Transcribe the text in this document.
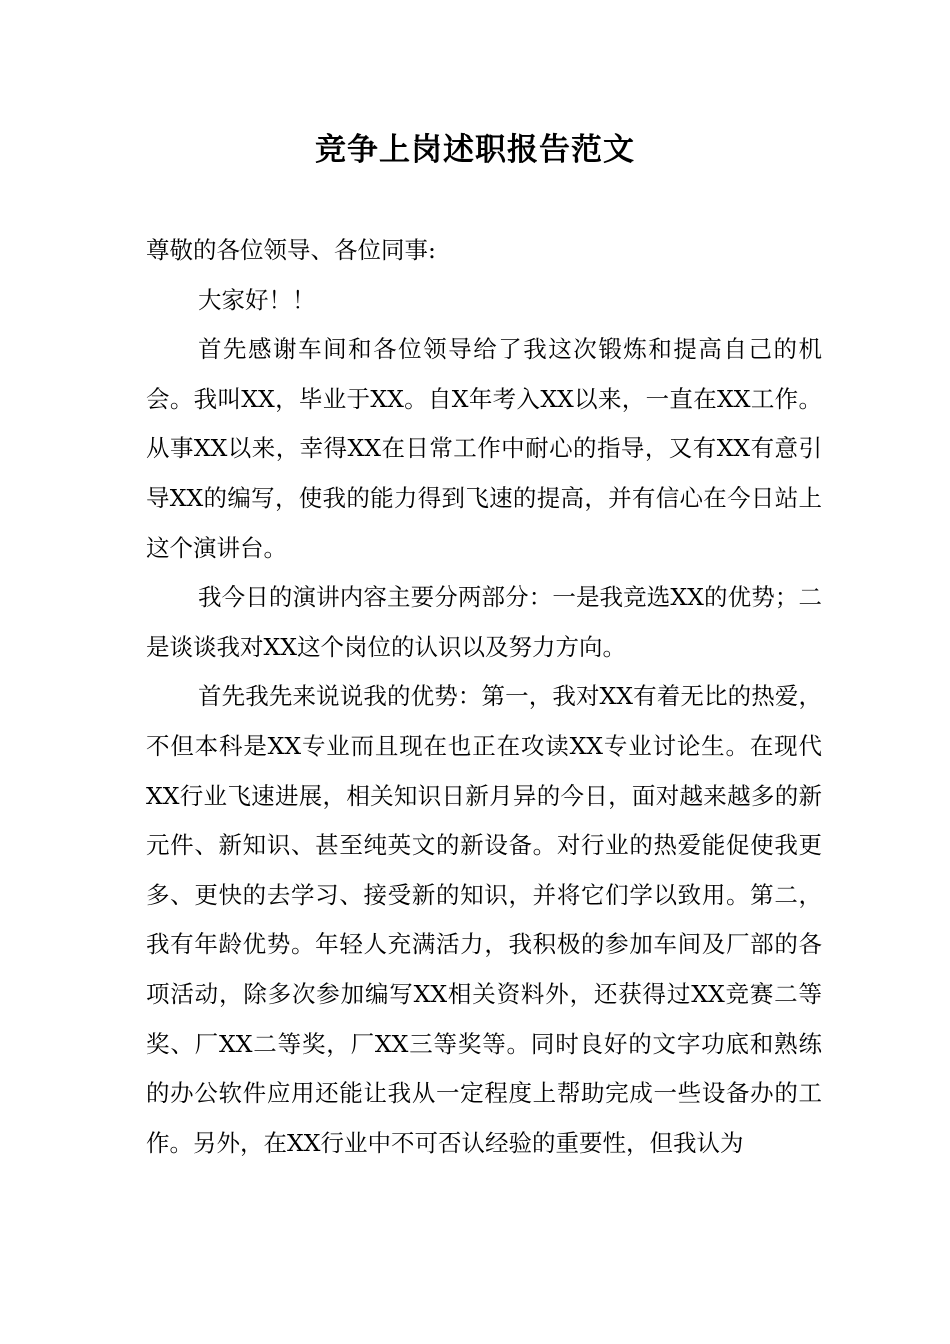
竞争上岗述职报告范文

尊敬的各位领导、各位同事:

大家好！！

首先感谢车间和各位领导给了我这次锻炼和提高自己的机会。我叫XX，毕业于XX。自X年考入XX以来，一直在XX工作。从事XX以来，幸得XX在日常工作中耐心的指导，又有XX有意引导XX的编写，使我的能力得到飞速的提高，并有信心在今日站上这个演讲台。

我今日的演讲内容主要分两部分：一是我竞选XX的优势；二是谈谈我对XX这个岗位的认识以及努力方向。

首先我先来说说我的优势：第一，我对XX有着无比的热爱，不但本科是XX专业而且现在也正在攻读XX专业讨论生。在现代XX行业飞速进展，相关知识日新月异的今日，面对越来越多的新元件、新知识、甚至纯英文的新设备。对行业的热爱能促使我更多、更快的去学习、接受新的知识，并将它们学以致用。第二，我有年龄优势。年轻人充满活力，我积极的参加车间及厂部的各项活动，除多次参加编写XX相关资料外，还获得过XX竞赛二等奖、厂XX二等奖，厂XX三等奖等。同时良好的文字功底和熟练的办公软件应用还能让我从一定程度上帮助完成一些设备办的工作。另外，在XX行业中不可否认经验的重要性，但我认为
